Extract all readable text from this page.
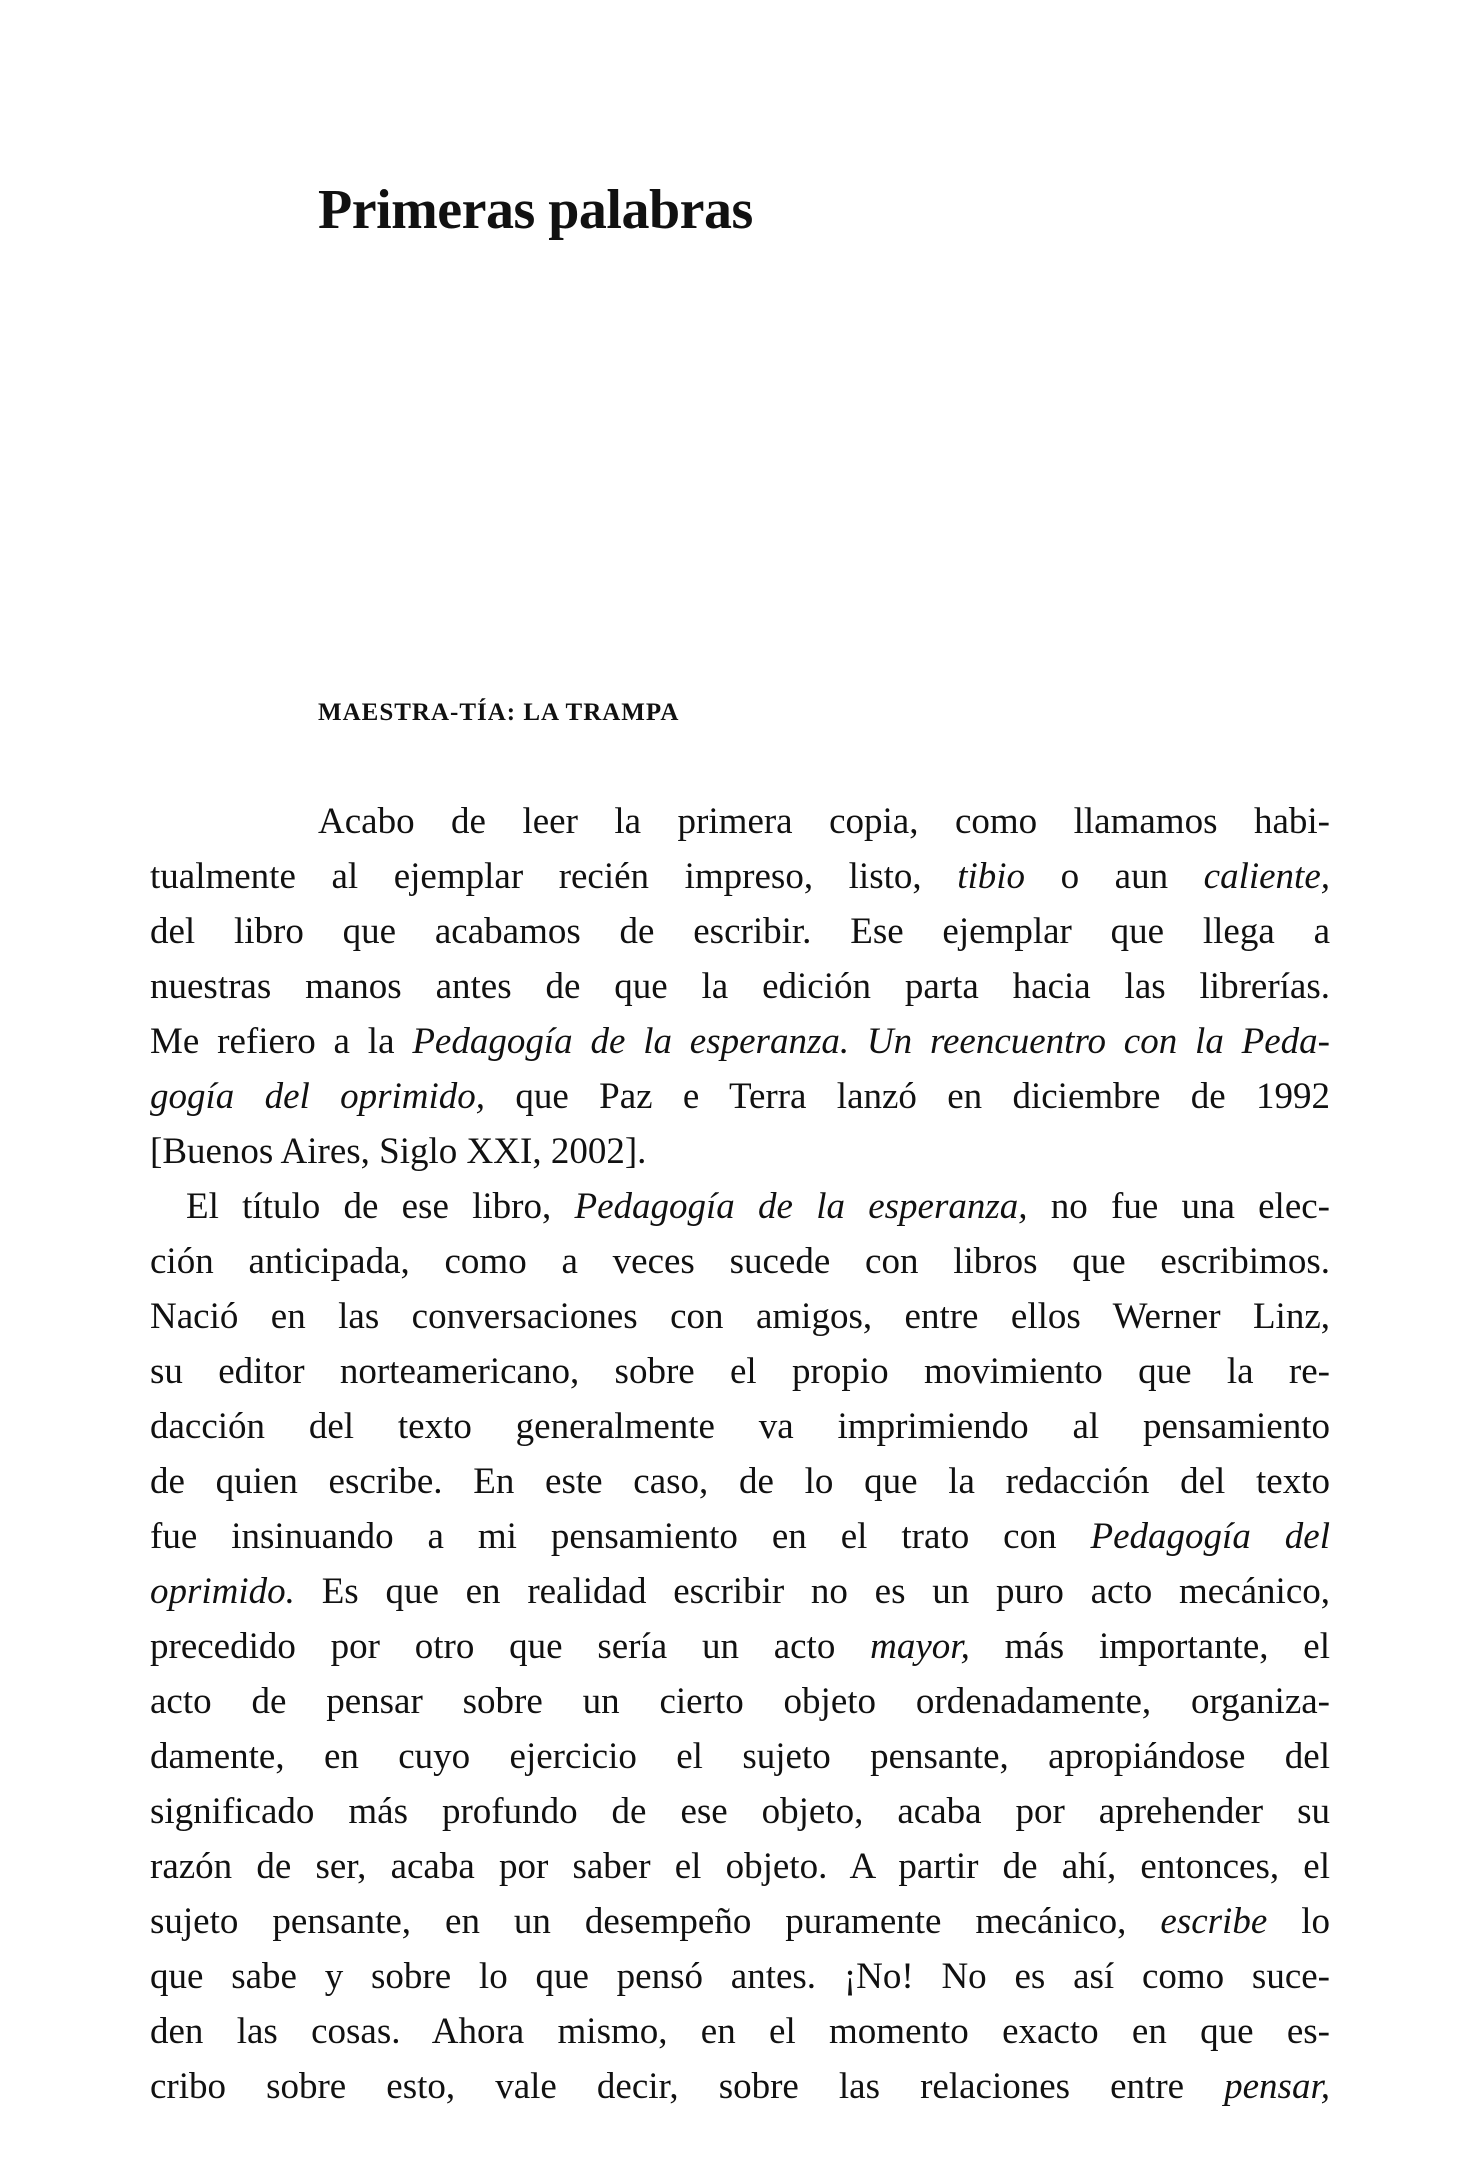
Primeras palabras
MAESTRA-TÍA: LA TRAMPA
Acabo de leer la primera copia, como llamamos habi-
tualmente al ejemplar recién impreso, listo, tibio o aun caliente,
del libro que acabamos de escribir. Ese ejemplar que llega a
nuestras manos antes de que la edición parta hacia las librerías.
Me refiero a la Pedagogía de la esperanza. Un reencuentro con la Peda-
gogía del oprimido, que Paz e Terra lanzó en diciembre de 1992
[Buenos Aires, Siglo XXI, 2002].
El título de ese libro, Pedagogía de la esperanza, no fue una elec-
ción anticipada, como a veces sucede con libros que escribimos.
Nació en las conversaciones con amigos, entre ellos Werner Linz,
su editor norteamericano, sobre el propio movimiento que la re-
dacción del texto generalmente va imprimiendo al pensamiento
de quien escribe. En este caso, de lo que la redacción del texto
fue insinuando a mi pensamiento en el trato con Pedagogía del
oprimido. Es que en realidad escribir no es un puro acto mecánico,
precedido por otro que sería un acto mayor, más importante, el
acto de pensar sobre un cierto objeto ordenadamente, organiza-
damente, en cuyo ejercicio el sujeto pensante, apropiándose del
significado más profundo de ese objeto, acaba por aprehender su
razón de ser, acaba por saber el objeto. A partir de ahí, entonces, el
sujeto pensante, en un desempeño puramente mecánico, escribe lo
que sabe y sobre lo que pensó antes. ¡No! No es así como suce-
den las cosas. Ahora mismo, en el momento exacto en que es-
cribo sobre esto, vale decir, sobre las relaciones entre pensar,
